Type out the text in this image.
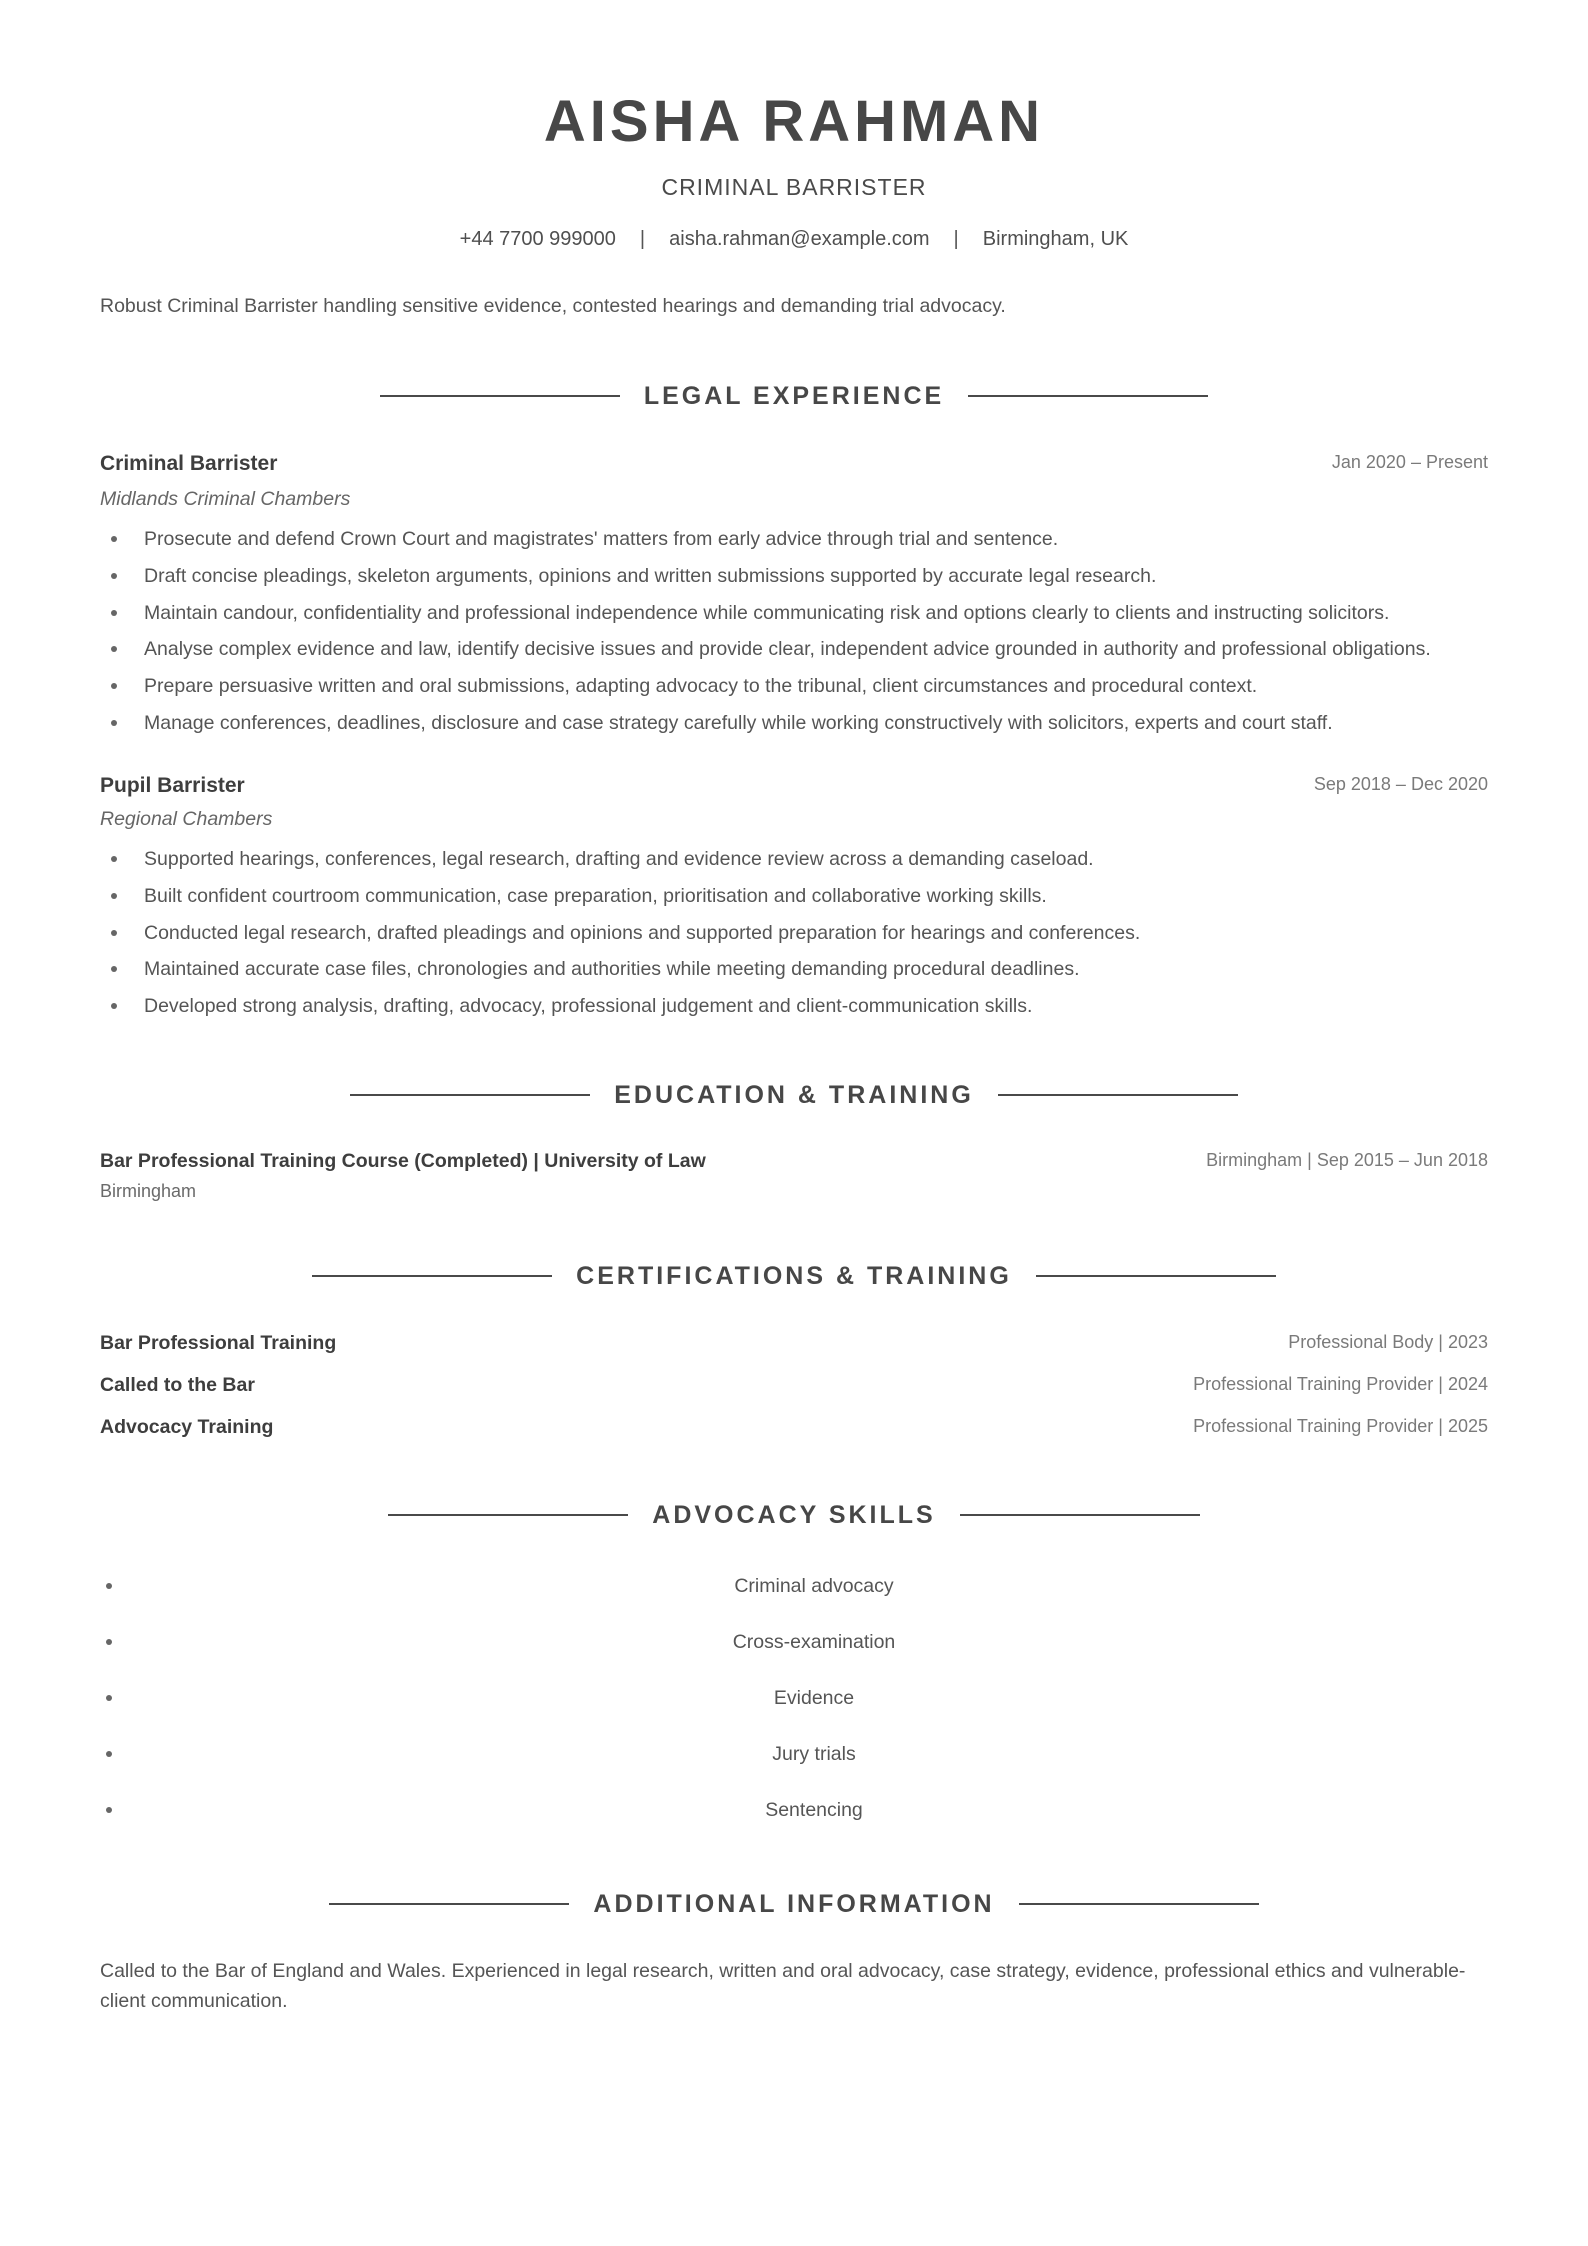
AISHA RAHMAN
CRIMINAL BARRISTER
+44 7700 999000 | aisha.rahman@example.com | Birmingham, UK
Robust Criminal Barrister handling sensitive evidence, contested hearings and demanding trial advocacy.
LEGAL EXPERIENCE
Criminal Barrister	Jan 2020 – Present
Midlands Criminal Chambers
Prosecute and defend Crown Court and magistrates' matters from early advice through trial and sentence.
Draft concise pleadings, skeleton arguments, opinions and written submissions supported by accurate legal research.
Maintain candour, confidentiality and professional independence while communicating risk and options clearly to clients and instructing solicitors.
Analyse complex evidence and law, identify decisive issues and provide clear, independent advice grounded in authority and professional obligations.
Prepare persuasive written and oral submissions, adapting advocacy to the tribunal, client circumstances and procedural context.
Manage conferences, deadlines, disclosure and case strategy carefully while working constructively with solicitors, experts and court staff.
Pupil Barrister	Sep 2018 – Dec 2020
Regional Chambers
Supported hearings, conferences, legal research, drafting and evidence review across a demanding caseload.
Built confident courtroom communication, case preparation, prioritisation and collaborative working skills.
Conducted legal research, drafted pleadings and opinions and supported preparation for hearings and conferences.
Maintained accurate case files, chronologies and authorities while meeting demanding procedural deadlines.
Developed strong analysis, drafting, advocacy, professional judgement and client-communication skills.
EDUCATION & TRAINING
Bar Professional Training Course (Completed) | University of Law	Birmingham | Sep 2015 – Jun 2018
Birmingham
CERTIFICATIONS & TRAINING
Bar Professional Training	Professional Body | 2023
Called to the Bar	Professional Training Provider | 2024
Advocacy Training	Professional Training Provider | 2025
ADVOCACY SKILLS
Criminal advocacy
Cross-examination
Evidence
Jury trials
Sentencing
ADDITIONAL INFORMATION
Called to the Bar of England and Wales. Experienced in legal research, written and oral advocacy, case strategy, evidence, professional ethics and vulnerable-client communication.
